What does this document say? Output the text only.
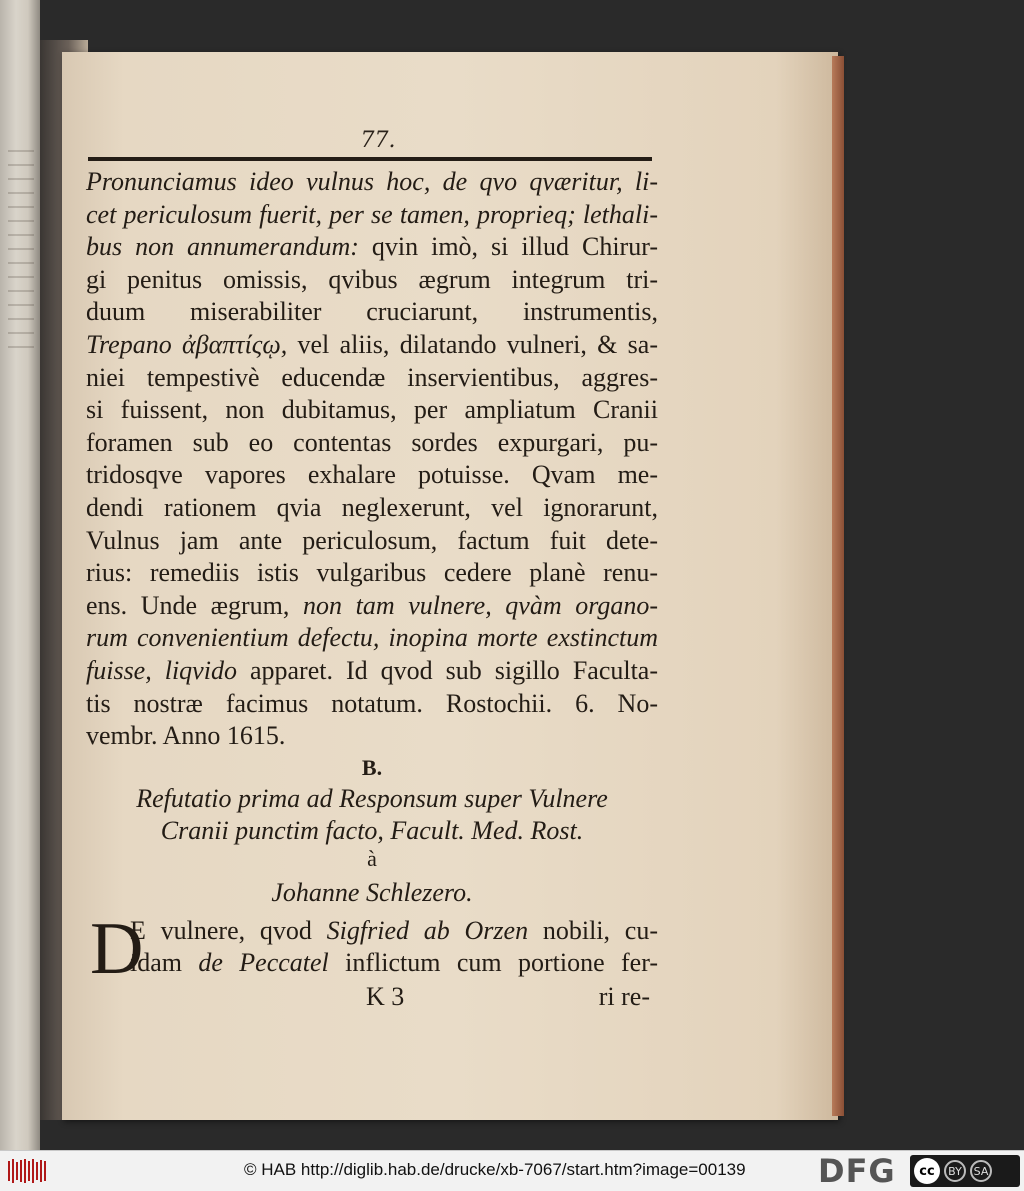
77.
Pronunciamus ideo vulnus hoc, de qvo qværitur, li-
cet periculosum fuerit, per se tamen, proprieq; lethali-
bus non annumerandum: qvin imò, si illud Chirur-
gi penitus omissis, qvibus ægrum integrum tri-
duum miserabiliter cruciarunt, instrumentis,
Trepano ἀβαπτίςῳ, vel aliis, dilatando vulneri, & sa-
niei tempestivè educendæ inservientibus, aggres-
si fuissent, non dubitamus, per ampliatum Cranii
foramen sub eo contentas sordes expurgari, pu-
tridosqve vapores exhalare potuisse. Qvam me-
dendi rationem qvia neglexerunt, vel ignorarunt,
Vulnus jam ante periculosum, factum fuit dete-
rius: remediis istis vulgaribus cedere planè renu-
ens. Unde ægrum, non tam vulnere, qvàm organo-
rum convenientium defectu, inopina morte exstinctum
fuisse, liqvido apparet. Id qvod sub sigillo Faculta-
tis nostræ facimus notatum. Rostochii. 6. No-
vembr. Anno 1615.
B.
Refutatio prima ad Responsum super Vulnere
Cranii punctim facto, Facult. Med. Rost.
à
Johanne Schlezero.
D
E vulnere, qvod Sigfried ab Orzen nobili, cu-
idam de Peccatel inflictum cum portione fer-
K 3	ri re-
© HAB http://diglib.hab.de/drucke/xb-7067/start.htm?image=00139 DFG	cc	BY	SA
